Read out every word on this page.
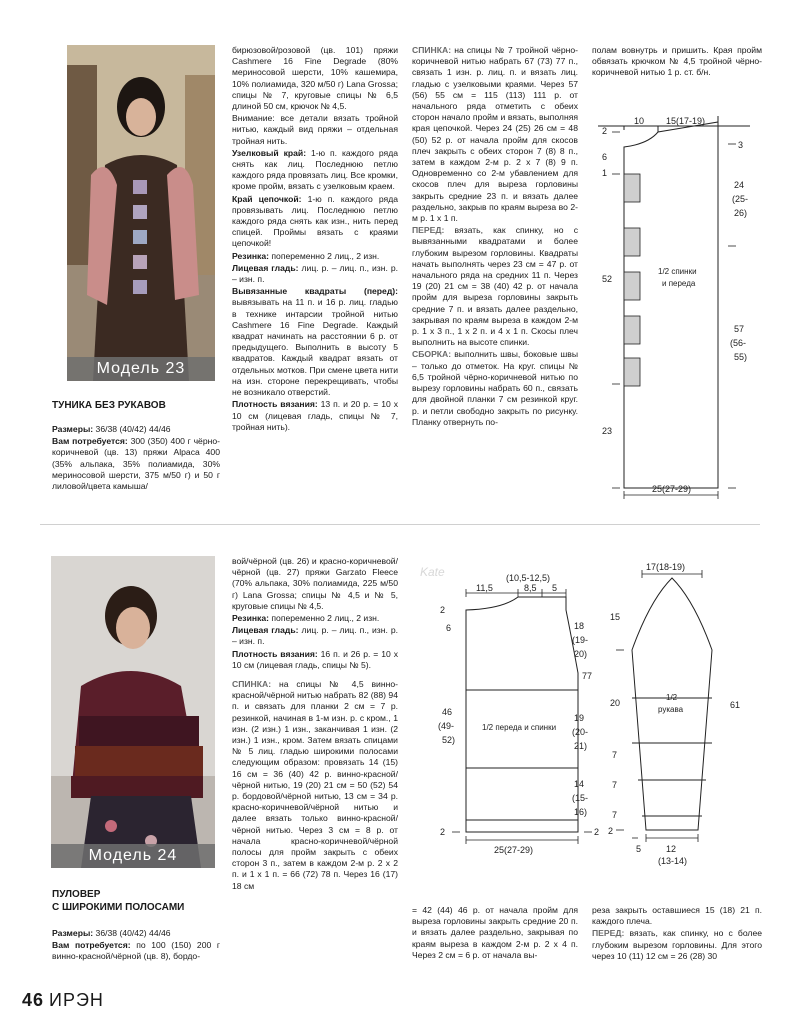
Модель 23
ТУНИКА БЕЗ РУКАВОВ

Размеры: 36/38 (40/42) 44/46

Вам потребуется: 300 (350) 400 г чёрно-коричневой (цв. 13) пряжи Alpaca 400 (35% альпака, 35% полиамида, 30% мериносовой шерсти, 375 м/50 г) и 50 г лиловой/цвета камыша/

бирюзовой/розовой (цв. 101) пряжи Cashmere 16 Fine Degrade (80% мериносовой шерсти, 10% кашемира, 10% полиамида, 320 м/50 г) Lana Grossa; спицы № 7, круговые спицы № 6,5 длиной 50 см, крючок № 4,5.

Внимание: все детали вязать тройной нитью, каждый вид пряжи – отдельная тройная нить.

Узелковый край: 1-ю п. каждого ряда снять как лиц. Последнюю петлю каждого ряда провязать лиц. Все кромки, кроме пройм, вязать с узелковым краем.

Край цепочкой: 1-ю п. каждого ряда провязывать лиц. Последнюю петлю каждого ряда снять как изн., нить перед спицей. Проймы вязать с краями цепочкой!

Резинка: попеременно 2 лиц., 2 изн.

Лицевая гладь: лиц. р. – лиц. п., изн. р. – изн. п.

Вывязанные квадраты (перед): вывязывать на 11 п. и 16 р. лиц. гладью в технике интарсии тройной нитью Cashmere 16 Fine Degrade. Каждый квадрат начинать на расстоянии 6 р. от предыдущего. Выполнить в высоту 5 квадратов. Каждый квадрат вязать от отдельных мотков. При смене цвета нити на изн. стороне перекрещивать, чтобы не возникало отверстий.

Плотность вязания: 13 п. и 20 р. = 10 x 10 см (лицевая гладь, спицы № 7, тройная нить).

СПИНКА: на спицы № 7 тройной чёрно-коричневой нитью набрать 67 (73) 77 п., связать 1 изн. р. лиц. п. и вязать лиц. гладью с узелковыми краями. Через 57 (56) 55 см = 115 (113) 111 р. от начального ряда отметить с обеих сторон начало пройм и вязать, выполняя края цепочкой. Через 24 (25) 26 см = 48 (50) 52 р. от начала пройм для скосов плеч закрыть с обеих сторон 7 (8) 8 п., затем в каждом 2-м р. 2 x 7 (8) 9 п. Одновременно со 2-м убавлением для скосов плеч для выреза горловины закрыть средние 23 п. и вязать далее раздельно, закрыв по краям выреза во 2-м р. 1 x 1 п.

ПЕРЕД: вязать, как спинку, но с вывязанными квадратами и более глубоким вырезом горловины. Квадраты начать выполнять через 23 см = 47 р. от начального ряда на средних 11 п. Через 19 (20) 21 см = 38 (40) 42 р. от начала пройм для выреза горловины закрыть средние 7 п. и вязать далее раздельно, закрывая по краям выреза в каждом 2-м р. 1 x 3 п., 1 x 2 п. и 4 x 1 п. Скосы плеч выполнить на высоте спинки.

СБОРКА: выполнить швы, боковые швы – только до отметок. На круг. спицы № 6,5 тройной чёрно-коричневой нитью по вырезу горловины набрать 60 п., связать для двойной планки 7 см резинкой круг. р. и петли свободно закрыть по рисунку. Планку отвернуть по-

полам вовнутрь и пришить. Края пройм обвязать крючком № 4,5 тройной чёрно-коричневой нитью 1 р. ст. б/н.

10 15(17-19)
2
6
1
3
24
(25-
26)
52
57
(56-
55)
23
25(27-29)
1/2 спинки
и переда
Kate
Модель 24
ПУЛОВЕР
С ШИРОКИМИ ПОЛОСАМИ

Размеры: 36/38 (40/42) 44/46

Вам потребуется: по 100 (150) 200 г винно-красной/чёрной (цв. 8), бордо-

вой/чёрной (цв. 26) и красно-коричневой/чёрной (цв. 27) пряжи Garzato Fleece (70% альпака, 30% полиамида, 225 м/50 г) Lana Grossa; спицы № 4,5 и № 5, круговые спицы № 4,5.

Резинка: попеременно 2 лиц., 2 изн.

Лицевая гладь: лиц. р. – лиц. п., изн. р. – изн. п.

Плотность вязания: 16 п. и 26 р. = 10 x 10 см (лицевая гладь, спицы № 5).

СПИНКА: на спицы № 4,5 винно-красной/чёрной нитью набрать 82 (88) 94 п. и связать для планки 2 см = 7 р. резинкой, начиная в 1-м изн. р. с кром., 1 изн. (2 изн.) 1 изн., заканчивая 1 изн. (2 изн.) 1 изн., кром. Затем вязать спицами № 5 лиц. гладью широкими полосами следующим образом: провязать 14 (15) 16 см = 36 (40) 42 р. винно-красной/чёрной нитью, 19 (20) 21 см = 50 (52) 54 р. бордовой/чёрной нитью, 13 см = 34 р. красно-коричневой/чёрной нитью и далее вязать только винно-красной/чёрной нитью. Через 3 см = 8 р. от начала красно-коричневой/чёрной полосы для пройм закрыть с обеих сторон 3 п., затем в каждом 2-м р. 2 x 2 п. и 1 x 1 п. = 66 (72) 78 п. Через 16 (17) 18 см

= 42 (44) 46 р. от начала пройм для выреза горловины закрыть средние 20 п. и вязать далее раздельно, закрывая по краям выреза в каждом 2-м р. 2 x 4 п. Через 2 см = 6 р. от начала вы-

реза закрыть оставшиеся 15 (18) 21 п. каждого плеча.

ПЕРЕД: вязать, как спинку, но с более глубоким вырезом горловины. Для этого через 10 (11) 12 см = 26 (28) 30

(10,5-12,5)
11,5	8,5 5
2
6	18
(19-
20)
77
46
(49-
52)
19
(20-
21)
14
(15-
16)
2	2
25(27-29)
1/2 переда и спинки
17(18-19)
15
20
7
7
7
2
61
5	12
(13-14)
1/2
рукава
46 ИРЭН
